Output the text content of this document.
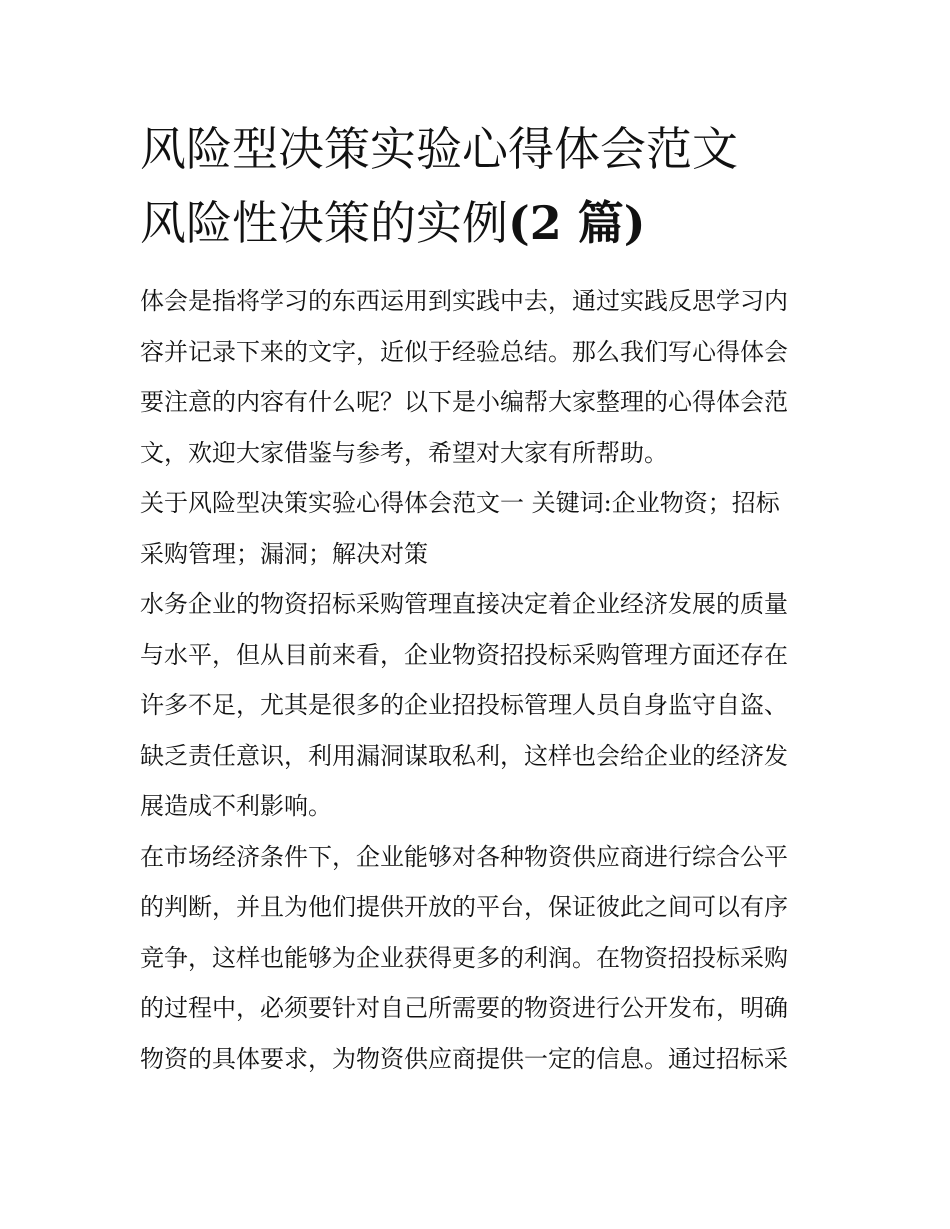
风险型决策实验心得体会范文
风险性决策的实例(2 篇)

体会是指将学习的东西运用到实践中去，通过实践反思学习内
容并记录下来的文字，近似于经验总结。那么我们写心得体会
要注意的内容有什么呢？以下是小编帮大家整理的心得体会范
文，欢迎大家借鉴与参考，希望对大家有所帮助。

关于风险型决策实验心得体会范文一 关键词:企业物资；招标
采购管理；漏洞；解决对策

水务企业的物资招标采购管理直接决定着企业经济发展的质量
与水平，但从目前来看，企业物资招投标采购管理方面还存在
许多不足，尤其是很多的企业招投标管理人员自身监守自盗、
缺乏责任意识，利用漏洞谋取私利，这样也会给企业的经济发
展造成不利影响。

在市场经济条件下，企业能够对各种物资供应商进行综合公平
的判断，并且为他们提供开放的平台，保证彼此之间可以有序
竞争，这样也能够为企业获得更多的利润。在物资招投标采购
的过程中，必须要针对自己所需要的物资进行公开发布，明确
物资的具体要求，为物资供应商提供一定的信息。通过招标采
